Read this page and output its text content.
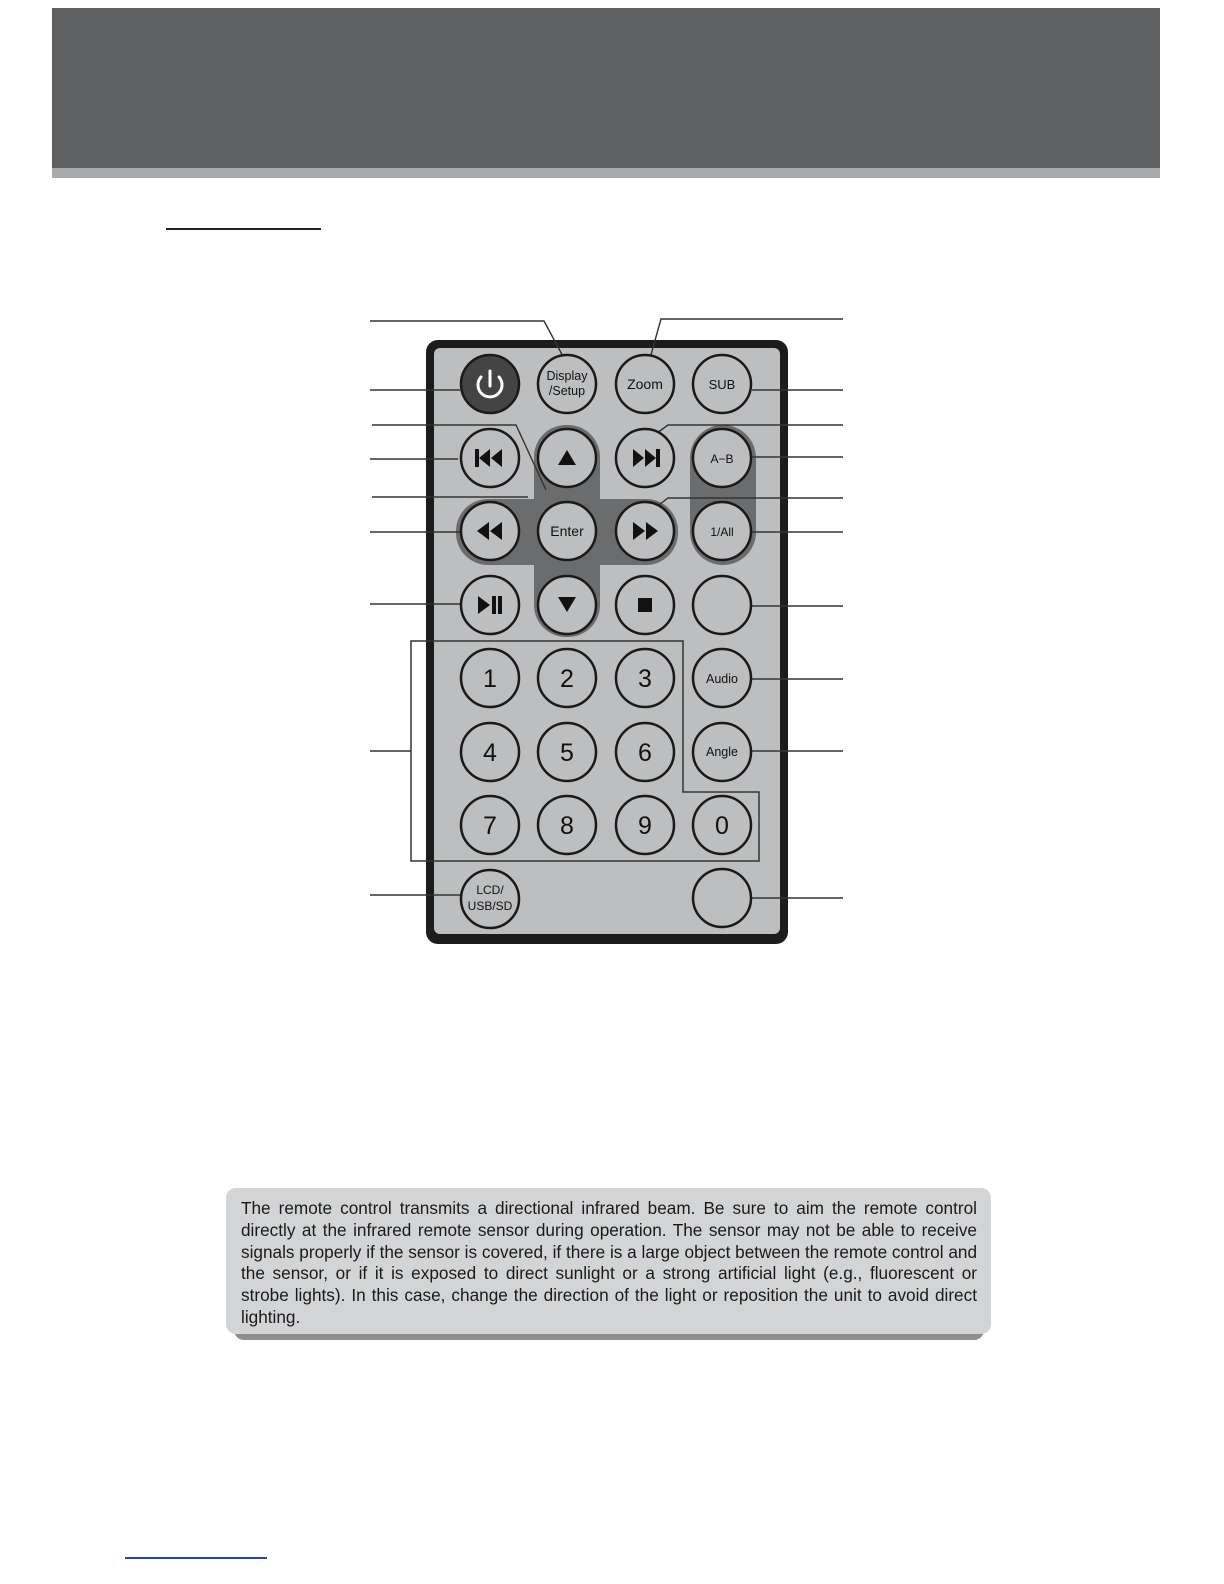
Display
/Setup	Zoom	SUB
A−B
Enter	1/All
1	2	3	Audio
4	5	6	Angle
7	8	9	0
LCD/
USB/SD

The remote control transmits a directional infrared beam. Be sure to aim the remote control directly at the infrared remote sensor during operation. The sensor may not be able to receive signals properly if the sensor is covered, if there is a large object between the remote control and the sensor, or if it is exposed to direct sunlight or a strong artificial light (e.g., fluorescent or strobe lights). In this case, change the direction of the light or reposition the unit to avoid direct lighting.
